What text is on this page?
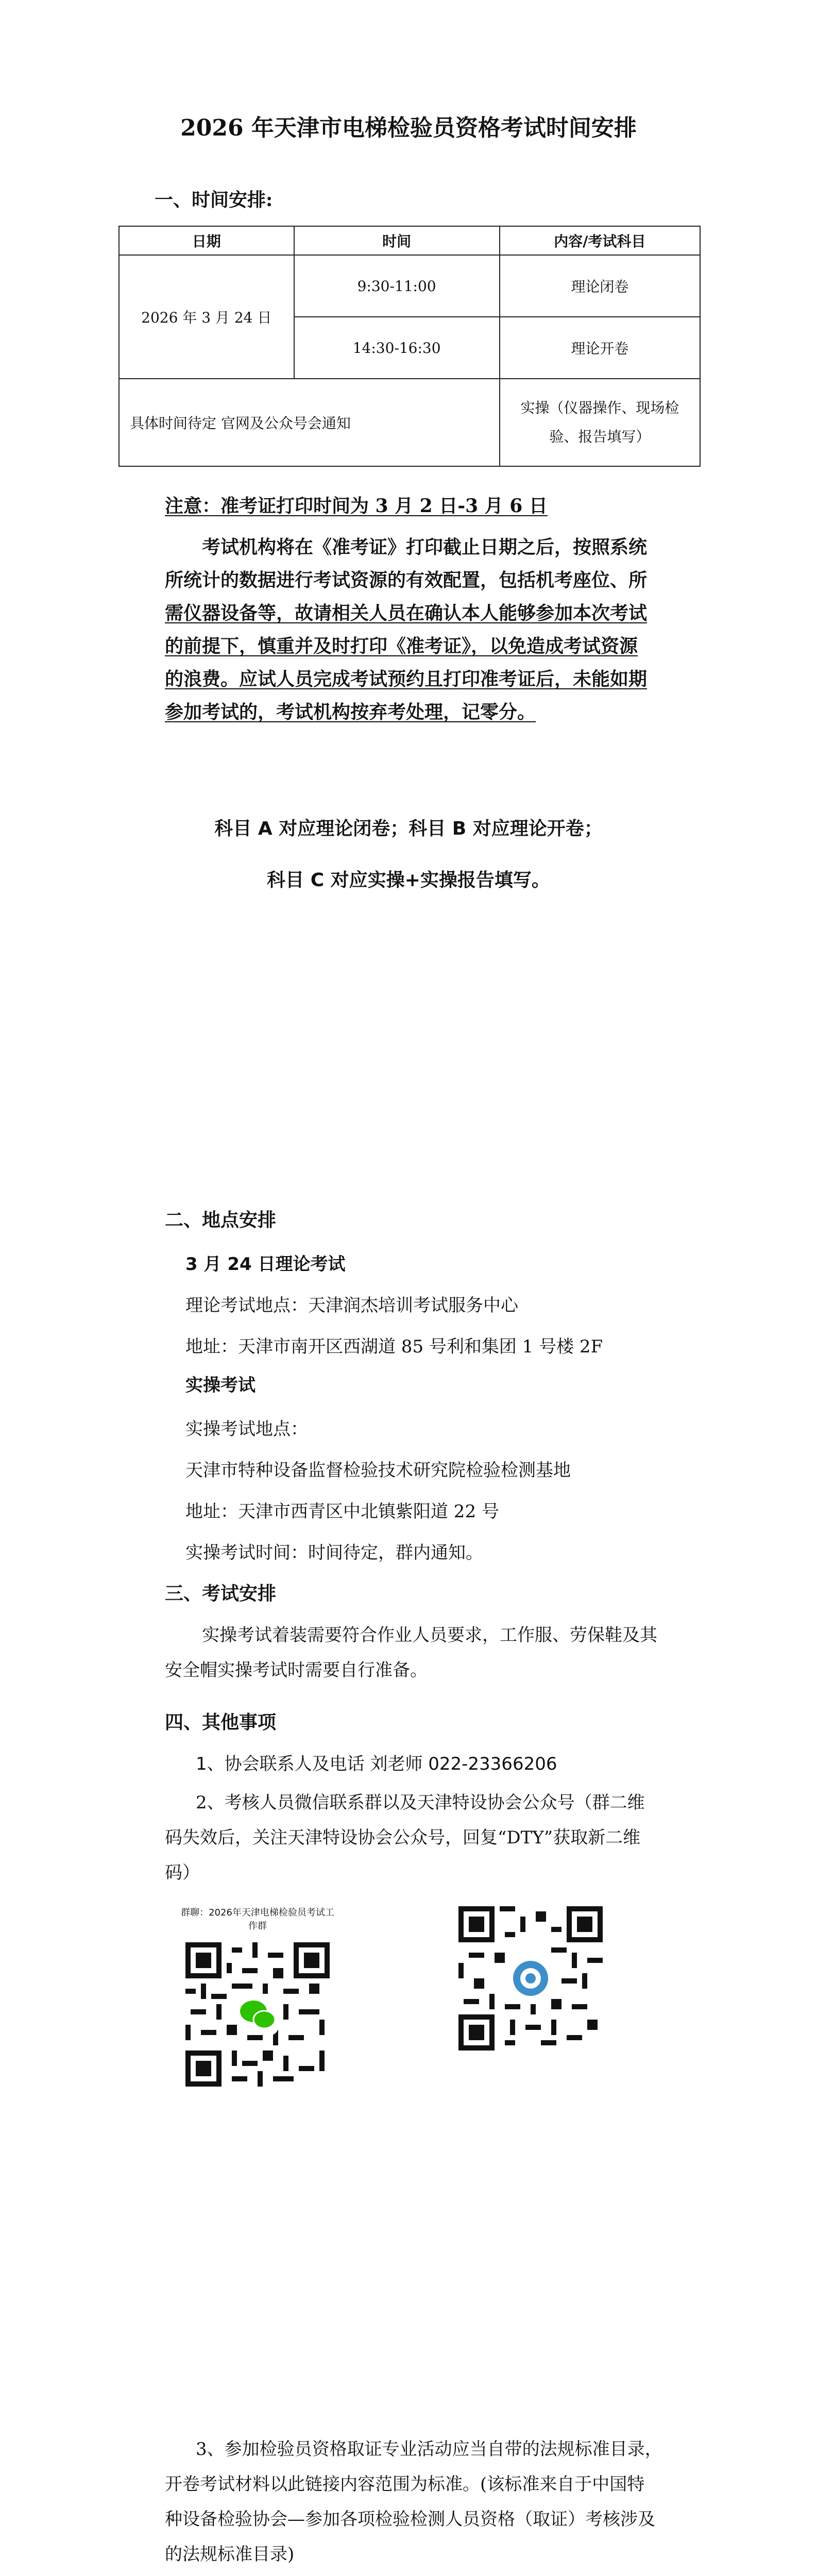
2026 年天津市电梯检验员资格考试时间安排
一、时间安排:
日期	时间	内容/考试科目
2026 年 3 月 24 日	9:30-11:00	理论闭卷
	14:30-16:30	理论开卷
具体时间待定 官网及公众号会通知		实操（仪器操作、现场检验、报告填写）
注意：准考证打印时间为 3 月 2 日-3 月 6 日
考试机构将在《准考证》打印截止日期之后，按照系统
所统计的数据进行考试资源的有效配置，包括机考座位、所
需仪器设备等，故请相关人员在确认本人能够参加本次考试
的前提下，慎重并及时打印《准考证》，以免造成考试资源
的浪费。应试人员完成考试预约且打印准考证后，未能如期
参加考试的，考试机构按弃考处理，记零分。
科目 A 对应理论闭卷；科目 B 对应理论开卷；
科目 C 对应实操+实操报告填写。
二、地点安排
3 月 24 日理论考试
理论考试地点：天津润杰培训考试服务中心
地址：天津市南开区西湖道 85 号利和集团 1 号楼 2F
实操考试
实操考试地点：
天津市特种设备监督检验技术研究院检验检测基地
地址：天津市西青区中北镇紫阳道 22 号
实操考试时间：时间待定，群内通知。
三、考试安排
实操考试着装需要符合作业人员要求，工作服、劳保鞋及其
安全帽实操考试时需要自行准备。
四、其他事项
1、协会联系人及电话 刘老师 022-23366206
2、考核人员微信联系群以及天津特设协会公众号（群二维
码失效后，关注天津特设协会公众号，回复“DTY”获取新二维
码）
群聊：2026年天津电梯检验员考试工作群
3、参加检验员资格取证专业活动应当自带的法规标准目录，
开卷考试材料以此链接内容范围为标准。(该标准来自于中国特
种设备检验协会—参加各项检验检测人员资格（取证）考核涉及
的法规标准目录)
